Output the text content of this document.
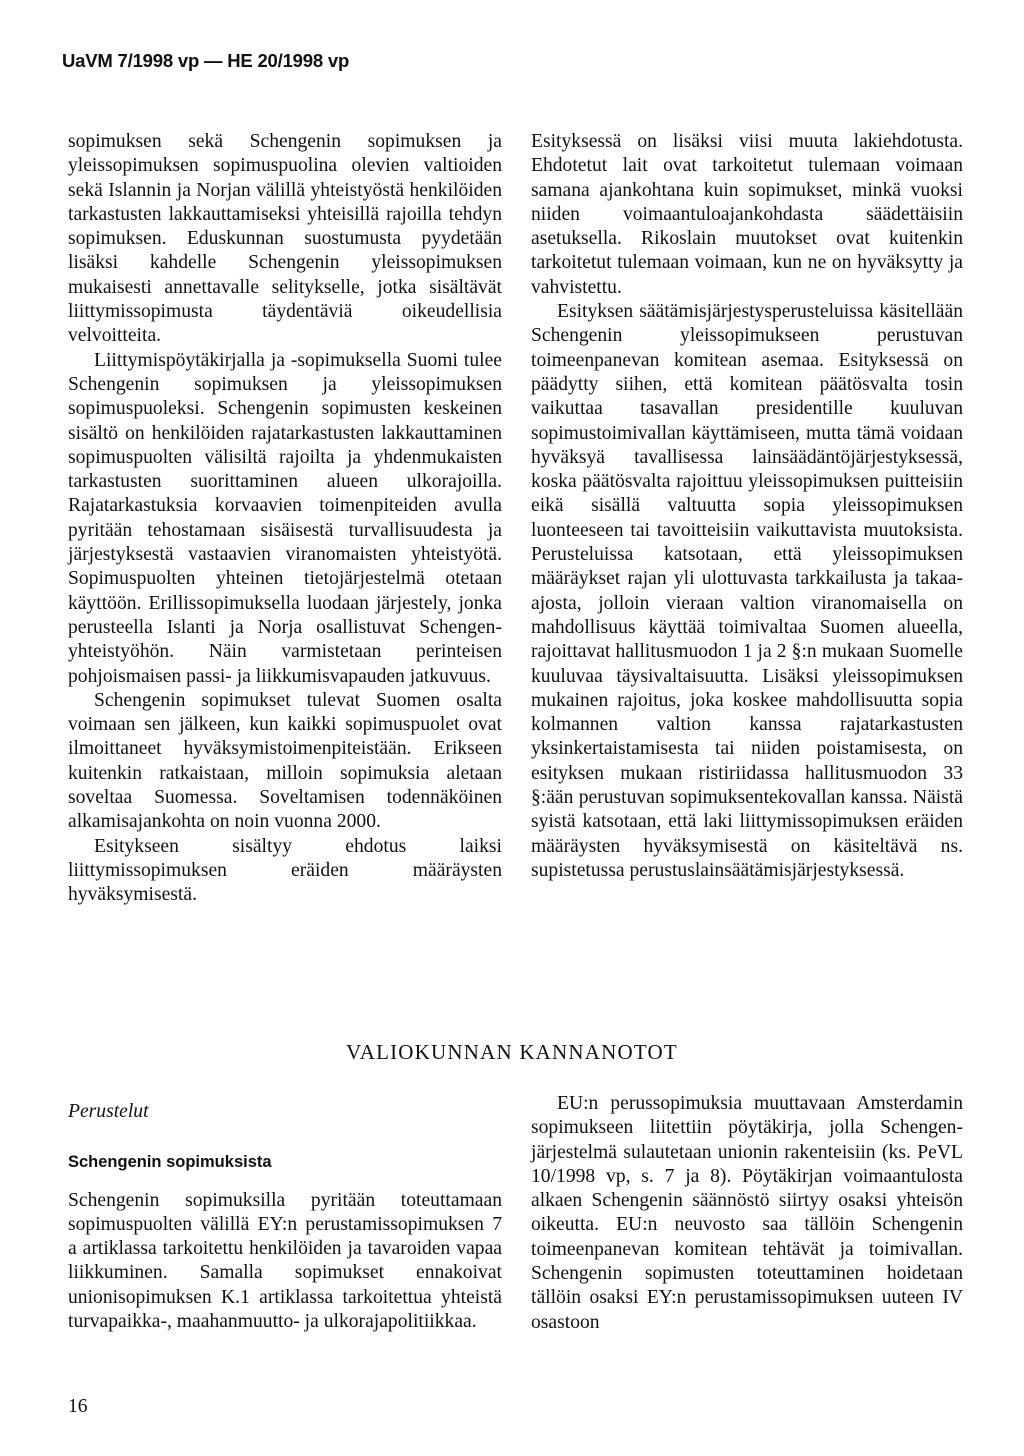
UaVM 7/1998 vp — HE 20/1998 vp

sopimuksen sekä Schengenin sopimuksen ja yleissopimuksen sopimuspuolina olevien valtioiden sekä Islannin ja Norjan välillä yhteistyöstä henkilöiden tarkastusten lakkauttamiseksi yhteisillä rajoilla tehdyn sopimuksen. Eduskunnan suostumusta pyydetään lisäksi kahdelle Schengenin yleissopimuksen mukaisesti annettavalle selitykselle, jotka sisältävät liittymissopimusta täydentäviä oikeudellisia velvoitteita.

Liittymispöytäkirjalla ja -sopimuksella Suomi tulee Schengenin sopimuksen ja yleissopimuksen sopimuspuoleksi. Schengenin sopimusten keskeinen sisältö on henkilöiden rajatarkastusten lakkauttaminen sopimuspuolten välisiltä rajoilta ja yhdenmukaisten tarkastusten suorittaminen alueen ulkorajoilla. Rajatarkastuksia korvaavien toimenpiteiden avulla pyritään tehostamaan sisäisestä turvallisuudesta ja järjestyksestä vastaavien viranomaisten yhteistyötä. Sopimuspuolten yhteinen tietojärjestelmä otetaan käyttöön. Erillissopimuksella luodaan järjestely, jonka perusteella Islanti ja Norja osallistuvat Schengen-yhteistyöhön. Näin varmistetaan perinteisen pohjoismaisen passi- ja liikkumisvapauden jatkuvuus.

Schengenin sopimukset tulevat Suomen osalta voimaan sen jälkeen, kun kaikki sopimuspuolet ovat ilmoittaneet hyväksymistoimenpiteistään. Erikseen kuitenkin ratkaistaan, milloin sopimuksia aletaan soveltaa Suomessa. Soveltamisen todennäköinen alkamisajankohta on noin vuonna 2000.

Esitykseen sisältyy ehdotus laiksi liittymissopimuksen eräiden määräysten hyväksymisestä.

Esityksessä on lisäksi viisi muuta lakiehdotusta. Ehdotetut lait ovat tarkoitetut tulemaan voimaan samana ajankohtana kuin sopimukset, minkä vuoksi niiden voimaantuloajankohdasta säädettäisiin asetuksella. Rikoslain muutokset ovat kuitenkin tarkoitetut tulemaan voimaan, kun ne on hyväksytty ja vahvistettu.

Esityksen säätämisjärjestysperusteluissa käsitellään Schengenin yleissopimukseen perustuvan toimeenpanevan komitean asemaa. Esityksessä on päädytty siihen, että komitean päätösvalta tosin vaikuttaa tasavallan presidentille kuuluvan sopimustoimivallan käyttämiseen, mutta tämä voidaan hyväksyä tavallisessa lainsäädäntöjärjestyksessä, koska päätösvalta rajoittuu yleissopimuksen puitteisiin eikä sisällä valtuutta sopia yleissopimuksen luonteeseen tai tavoitteisiin vaikuttavista muutoksista. Perusteluissa katsotaan, että yleissopimuksen määräykset rajan yli ulottuvasta tarkkailusta ja takaa-ajosta, jolloin vieraan valtion viranomaisella on mahdollisuus käyttää toimivaltaa Suomen alueella, rajoittavat hallitusmuodon 1 ja 2 §:n mukaan Suomelle kuuluvaa täysivaltaisuutta. Lisäksi yleissopimuksen mukainen rajoitus, joka koskee mahdollisuutta sopia kolmannen valtion kanssa rajatarkastusten yksinkertaistamisesta tai niiden poistamisesta, on esityksen mukaan ristiriidassa hallitusmuodon 33 §:ään perustuvan sopimuksentekovallan kanssa. Näistä syistä katsotaan, että laki liittymissopimuksen eräiden määräysten hyväksymisestä on käsiteltävä ns. supistetussa perustuslainsäätämisjärjestyksessä.

VALIOKUNNAN KANNANOTOT
Perustelut
Schengenin sopimuksista

Schengenin sopimuksilla pyritään toteuttamaan sopimuspuolten välillä EY:n perustamissopimuksen 7 a artiklassa tarkoitettu henkilöiden ja tavaroiden vapaa liikkuminen. Samalla sopimukset ennakoivat unionisopimuksen K.1 artiklassa tarkoitettua yhteistä turvapaikka-, maahanmuutto- ja ulkorajapolitiikkaa.

EU:n perussopimuksia muuttavaan Amsterdamin sopimukseen liitettiin pöytäkirja, jolla Schengen-järjestelmä sulautetaan unionin rakenteisiin (ks. PeVL 10/1998 vp, s. 7 ja 8). Pöytäkirjan voimaantulosta alkaen Schengenin säännöstö siirtyy osaksi yhteisön oikeutta. EU:n neuvosto saa tällöin Schengenin toimeenpanevan komitean tehtävät ja toimivallan. Schengenin sopimusten toteuttaminen hoidetaan tällöin osaksi EY:n perustamissopimuksen uuteen IV osastoon

16
